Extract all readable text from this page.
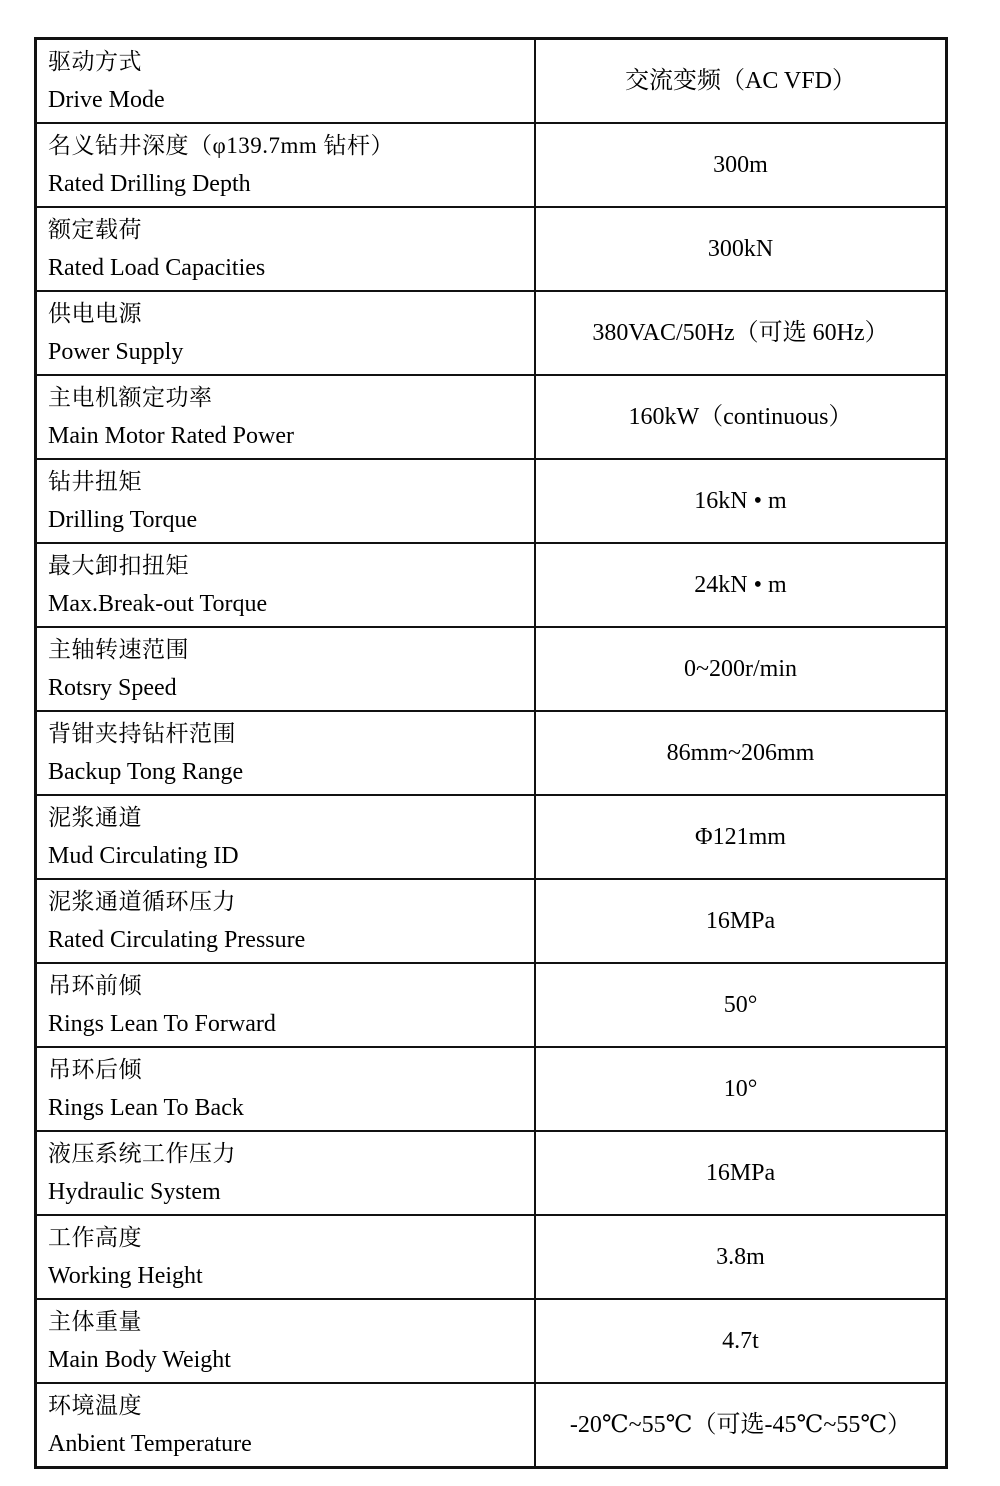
驱动方式
Drive Mode	交流变频（AC VFD）

名义钻井深度（φ139.7mm 钻杆）
Rated Drilling Depth	300m

额定载荷
Rated Load Capacities	300kN

供电电源
Power Supply	380VAC/50Hz（可选 60Hz）

主电机额定功率
Main Motor Rated Power	160kW（continuous）

钻井扭矩
Drilling Torque	16kN • m

最大卸扣扭矩
Max.Break-out Torque	24kN • m

主轴转速范围
Rotsry Speed	0~200r/min

背钳夹持钻杆范围
Backup Tong Range	86mm~206mm

泥浆通道
Mud Circulating ID	Φ121mm

泥浆通道循环压力
Rated Circulating Pressure	16MPa

吊环前倾
Rings Lean To Forward	50°

吊环后倾
Rings Lean To Back	10°

液压系统工作压力
Hydraulic System	16MPa

工作高度
Working Height	3.8m

主体重量
Main Body Weight	4.7t

环境温度
Anbient Temperature	-20℃~55℃（可选-45℃~55℃）
